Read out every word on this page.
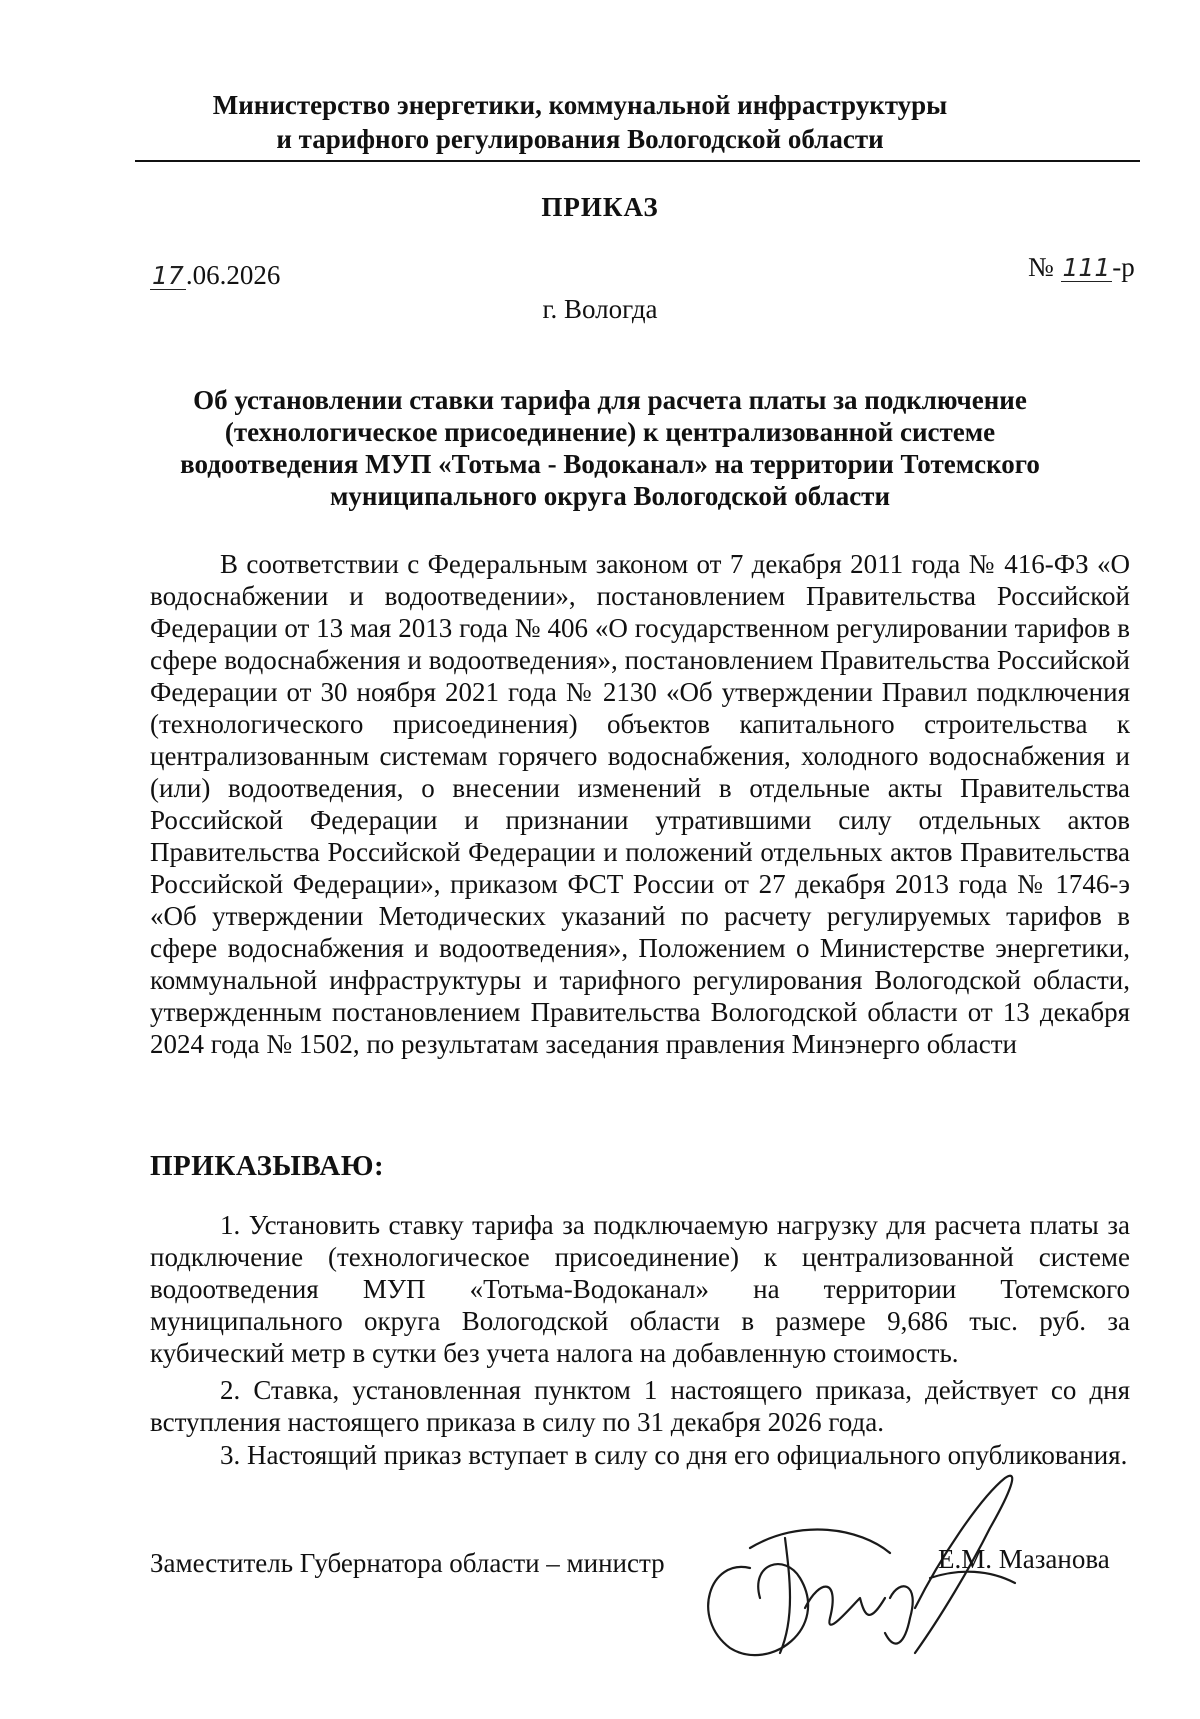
Министерство энергетики, коммунальной инфраструктуры
и тарифного регулирования Вологодской области
ПРИКАЗ
17.06.2026	№ 111-р
г. Вологда
Об установлении ставки тарифа для расчета платы за подключение (технологическое присоединение) к централизованной системе водоотведения МУП «Тотьма - Водоканал» на территории Тотемского муниципального округа Вологодской области
В соответствии с Федеральным законом от 7 декабря 2011 года № 416-ФЗ «О водоснабжении и водоотведении», постановлением Правительства Российской Федерации от 13 мая 2013 года № 406 «О государственном регулировании тарифов в сфере водоснабжения и водоотведения», постановлением Правительства Российской Федерации от 30 ноября 2021 года № 2130 «Об утверждении Правил подключения (технологического присоединения) объектов капитального строительства к централизованным системам горячего водоснабжения, холодного водоснабжения и (или) водоотведения, о внесении изменений в отдельные акты Правительства Российской Федерации и признании утратившими силу отдельных актов Правительства Российской Федерации и положений отдельных актов Правительства Российской Федерации», приказом ФСТ России от 27 декабря 2013 года № 1746-э «Об утверждении Методических указаний по расчету регулируемых тарифов в сфере водоснабжения и водоотведения», Положением о Министерстве энергетики, коммунальной инфраструктуры и тарифного регулирования Вологодской области, утвержденным постановлением Правительства Вологодской области от 13 декабря 2024 года № 1502, по результатам заседания правления Минэнерго области
ПРИКАЗЫВАЮ:
1. Установить ставку тарифа за подключаемую нагрузку для расчета платы за подключение (технологическое присоединение) к централизованной системе водоотведения МУП «Тотьма-Водоканал» на территории Тотемского муниципального округа Вологодской области в размере 9,686 тыс. руб. за кубический метр в сутки без учета налога на добавленную стоимость.
2. Ставка, установленная пунктом 1 настоящего приказа, действует со дня вступления настоящего приказа в силу по 31 декабря 2026 года.
3. Настоящий приказ вступает в силу со дня его официального опубликования.
Заместитель Губернатора области – министр	Е.М. Мазанова
